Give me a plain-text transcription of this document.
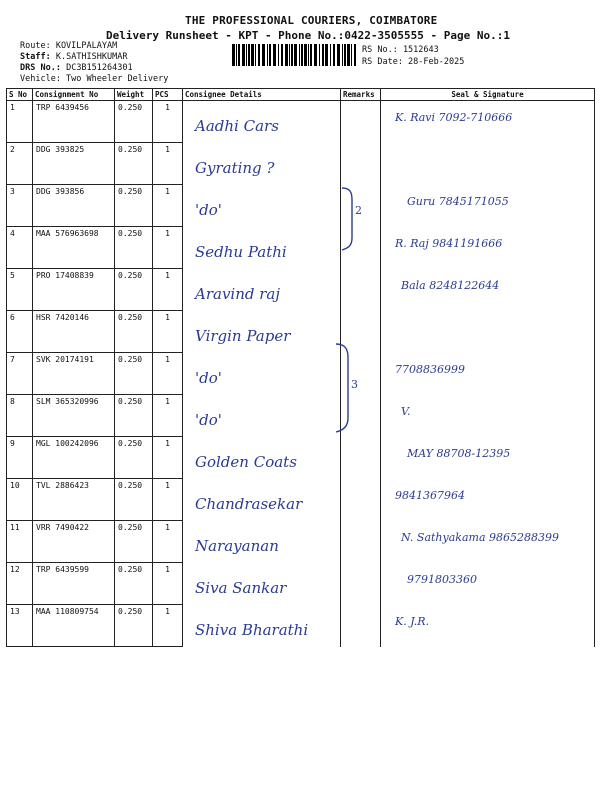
THE PROFESSIONAL COURIERS, COIMBATORE
Delivery Runsheet - KPT - Phone No.:0422-3505555 - Page No.:1
Route: KOVILPALAYAM
Staff: K.SATHISHKUMAR
DRS No.: DC3B151264301
Vehicle: Two Wheeler Delivery
RS No.: 1512643
RS Date: 28-Feb-2025
S No	Consignment No	Weight	PCS	Consignee Details	Remarks	Seal & Signature
1	TRP 6439456	0.250	1	Aadhi Cars		K. Ravi 7092-710666

2	DDG 393825	0.250	1	Gyrating ?		

3	DDG 393856	0.250	1	'do'		Guru 7845171055

4	MAA 576963698	0.250	1	Sedhu Pathi		R. Raj 9841191666

5	PRO 17408839	0.250	1	Aravind raj		Bala 8248122644

6	HSR 7420146	0.250	1	Virgin Paper		

7	SVK 20174191	0.250	1	'do'		7708836999

8	SLM 365320996	0.250	1	'do'		V.

9	MGL 100242096	0.250	1	Golden Coats		MAY 88708-12395

10	TVL 2886423	0.250	1	Chandrasekar		9841367964

11	VRR 7490422	0.250	1	Narayanan		N. Sathyakama 9865288399

12	TRP 6439599	0.250	1	Siva Sankar		9791803360

13	MAA 110809754	0.250	1	Shiva Bharathi		K. J.R.
2
3
